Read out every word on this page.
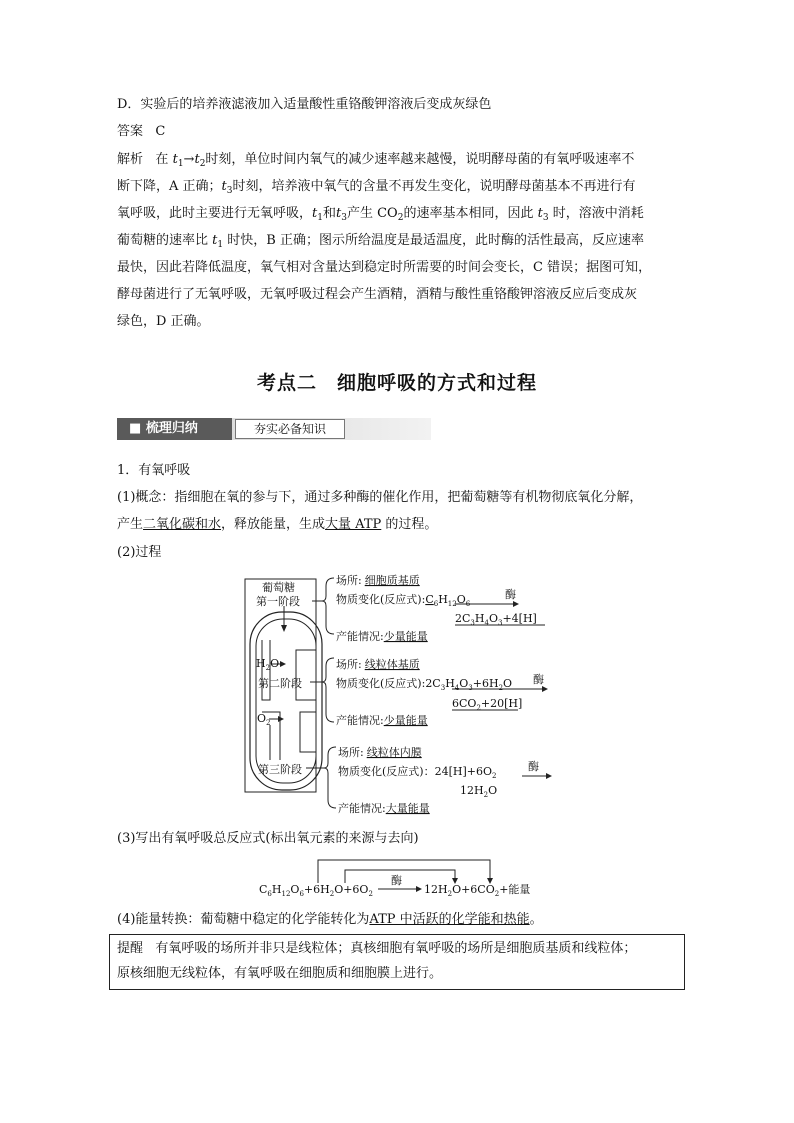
D．实验后的培养液滤液加入适量酸性重铬酸钾溶液后变成灰绿色
答案 C
解析 在 $t_1\to t_2$时刻，单位时间内氧气的减少速率越来越慢，说明酵母菌的有氧呼吸速率不
断下降，A 正确；$t_3$时刻，培养液中氧气的含量不再发生变化，说明酵母菌基本不再进行有
氧呼吸，此时主要进行无氧呼吸，$t_1$和$t_3$产生 $CO_2$的速率基本相同，因此 $t_3$ 时，溶液中消耗
葡萄糖的速率比 $t_1$ 时快，B 正确；图示所给温度是最适温度，此时酶的活性最高，反应速率
最快，因此若降低温度，氧气相对含量达到稳定时所需要的时间会变长，C 错误；据图可知，
酵母菌进行了无氧呼吸，无氧呼吸过程会产生酒精，酒精与酸性重铬酸钾溶液反应后变成灰
绿色，D 正确。
考点二　细胞呼吸的方式和过程
■ 梳理归纳	夯实必备知识
1．有氧呼吸
(1)概念：指细胞在氧的参与下，通过多种酶的催化作用，把葡萄糖等有机物彻底氧化分解，
产生二氧化碳和水，释放能量，生成大量 ATP 的过程。
(2)过程
葡萄糖
第一阶段
$H_2O$
第二阶段
$O_2$
第三阶段
场所: 细胞质基质
物质变化(反应式)$:C_6H_{12}O_6$
酶
$2C_3H_4O_3+4[H]$
产能情况:少量能量
场所: 线粒体基质
物质变化(反应式)$:2C_3H_4O_3+6H_2O$ 酶
$6CO_2+20[H]$
产能情况:少量能量
场所: 线粒体内膜
物质变化(反应式)：$24[H]+6O_2$
酶
$12H_2O$
产能情况:大量能量
$C_6H_{12}O_6+6H_2O+6O_2$
酶
$12H_2O+6CO_2+$能量
(3)写出有氧呼吸总反应式(标出氧元素的来源与去向)
(4)能量转换：葡萄糖中稳定的化学能转化为ATP 中活跃的化学能和热能。
提醒 有氧呼吸的场所并非只是线粒体；真核细胞有氧呼吸的场所是细胞质基质和线粒体；
原核细胞无线粒体，有氧呼吸在细胞质和细胞膜上进行。
